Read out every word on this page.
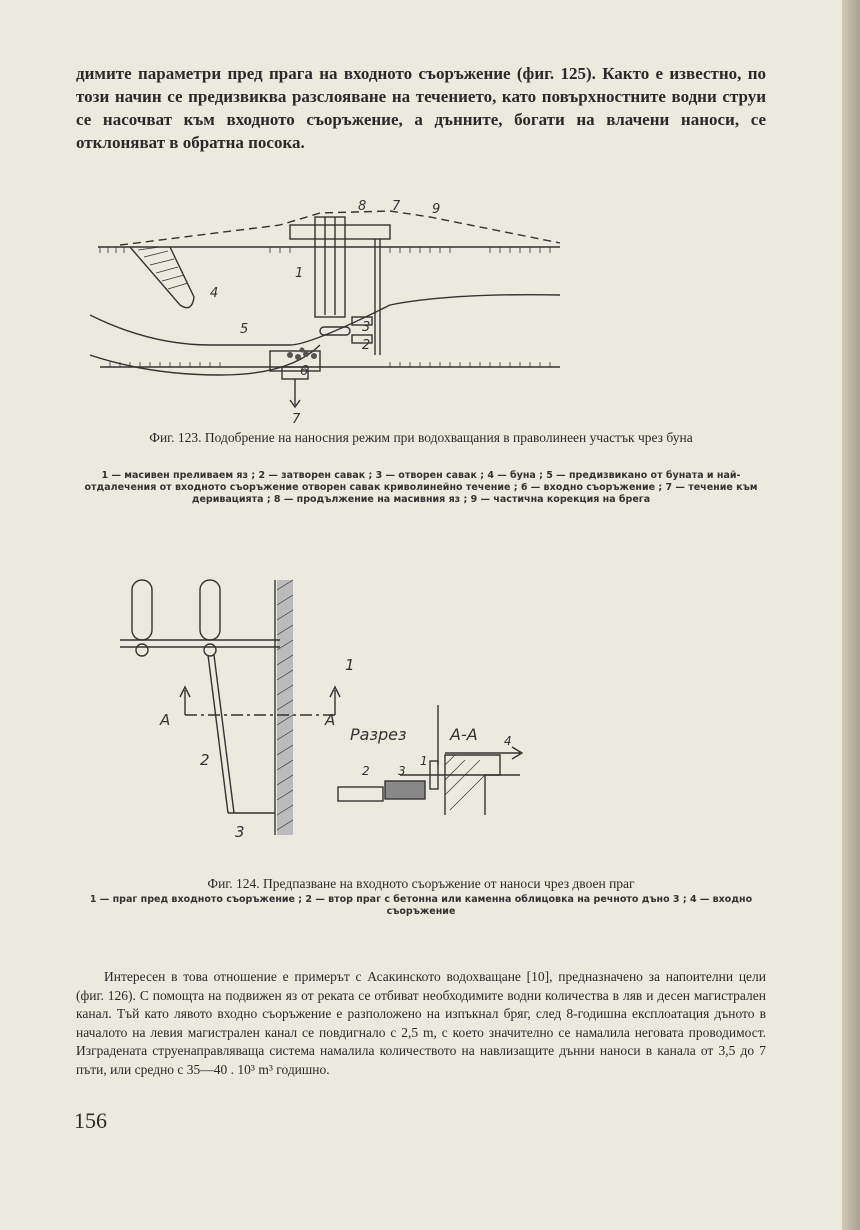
димите параметри пред прага на входното съоръжение (фиг. 125). Както е известно, по този начин се предизвиква разслояване на течението, като повърхностните водни струи се насочват към входното съоръжение, а дънните, богати на влачени наноси, се отклоняват в обратна посока.
6
7
8 7 9
1
4
5	3
2
Фиг. 123. Подобрение на наносния режим при водохващания в праволинеен участък чрез буна
1 — масивен преливаем яз ; 2 — затворен савак ; 3 — отворен савак ; 4 — буна ; 5 — предизвикано от буната и най-отдалечения от входното съоръжение отворен савак криволинейно течение ; 6 — входно съоръжение ; 7 — течение към деривацията ; 8 — продължение на масивния яз ; 9 — частична корекция на брега
A	A
1
2
3
Разрез	А-А
2 3
1
4
Фиг. 124. Предпазване на входното съоръжение от наноси чрез двоен праг
1 — праг пред входното съоръжение ; 2 — втор праг с бетонна или каменна облицовка на речното дъно 3 ; 4 — входно съоръжение
Интересен в това отношение е примерът с Асакинското водохващане [10], предназначено за напоителни цели (фиг. 126). С помощта на подвижен яз от реката се отбиват необходимите водни количества в ляв и десен магистрален канал. Тъй като лявото входно съоръжение е разположено на изпъкнал бряг, след 8-годишна експлоатация дъното в началото на левия магистрален канал се повдигнало с 2,5 m, с което значително се намалила неговата проводимост. Изградената струенаправляваща система намалила количеството на навлизащите дънни наноси в канала от 3,5 до 7 пъти, или средно с 35—40 . 10³ m³ годишно.
156
